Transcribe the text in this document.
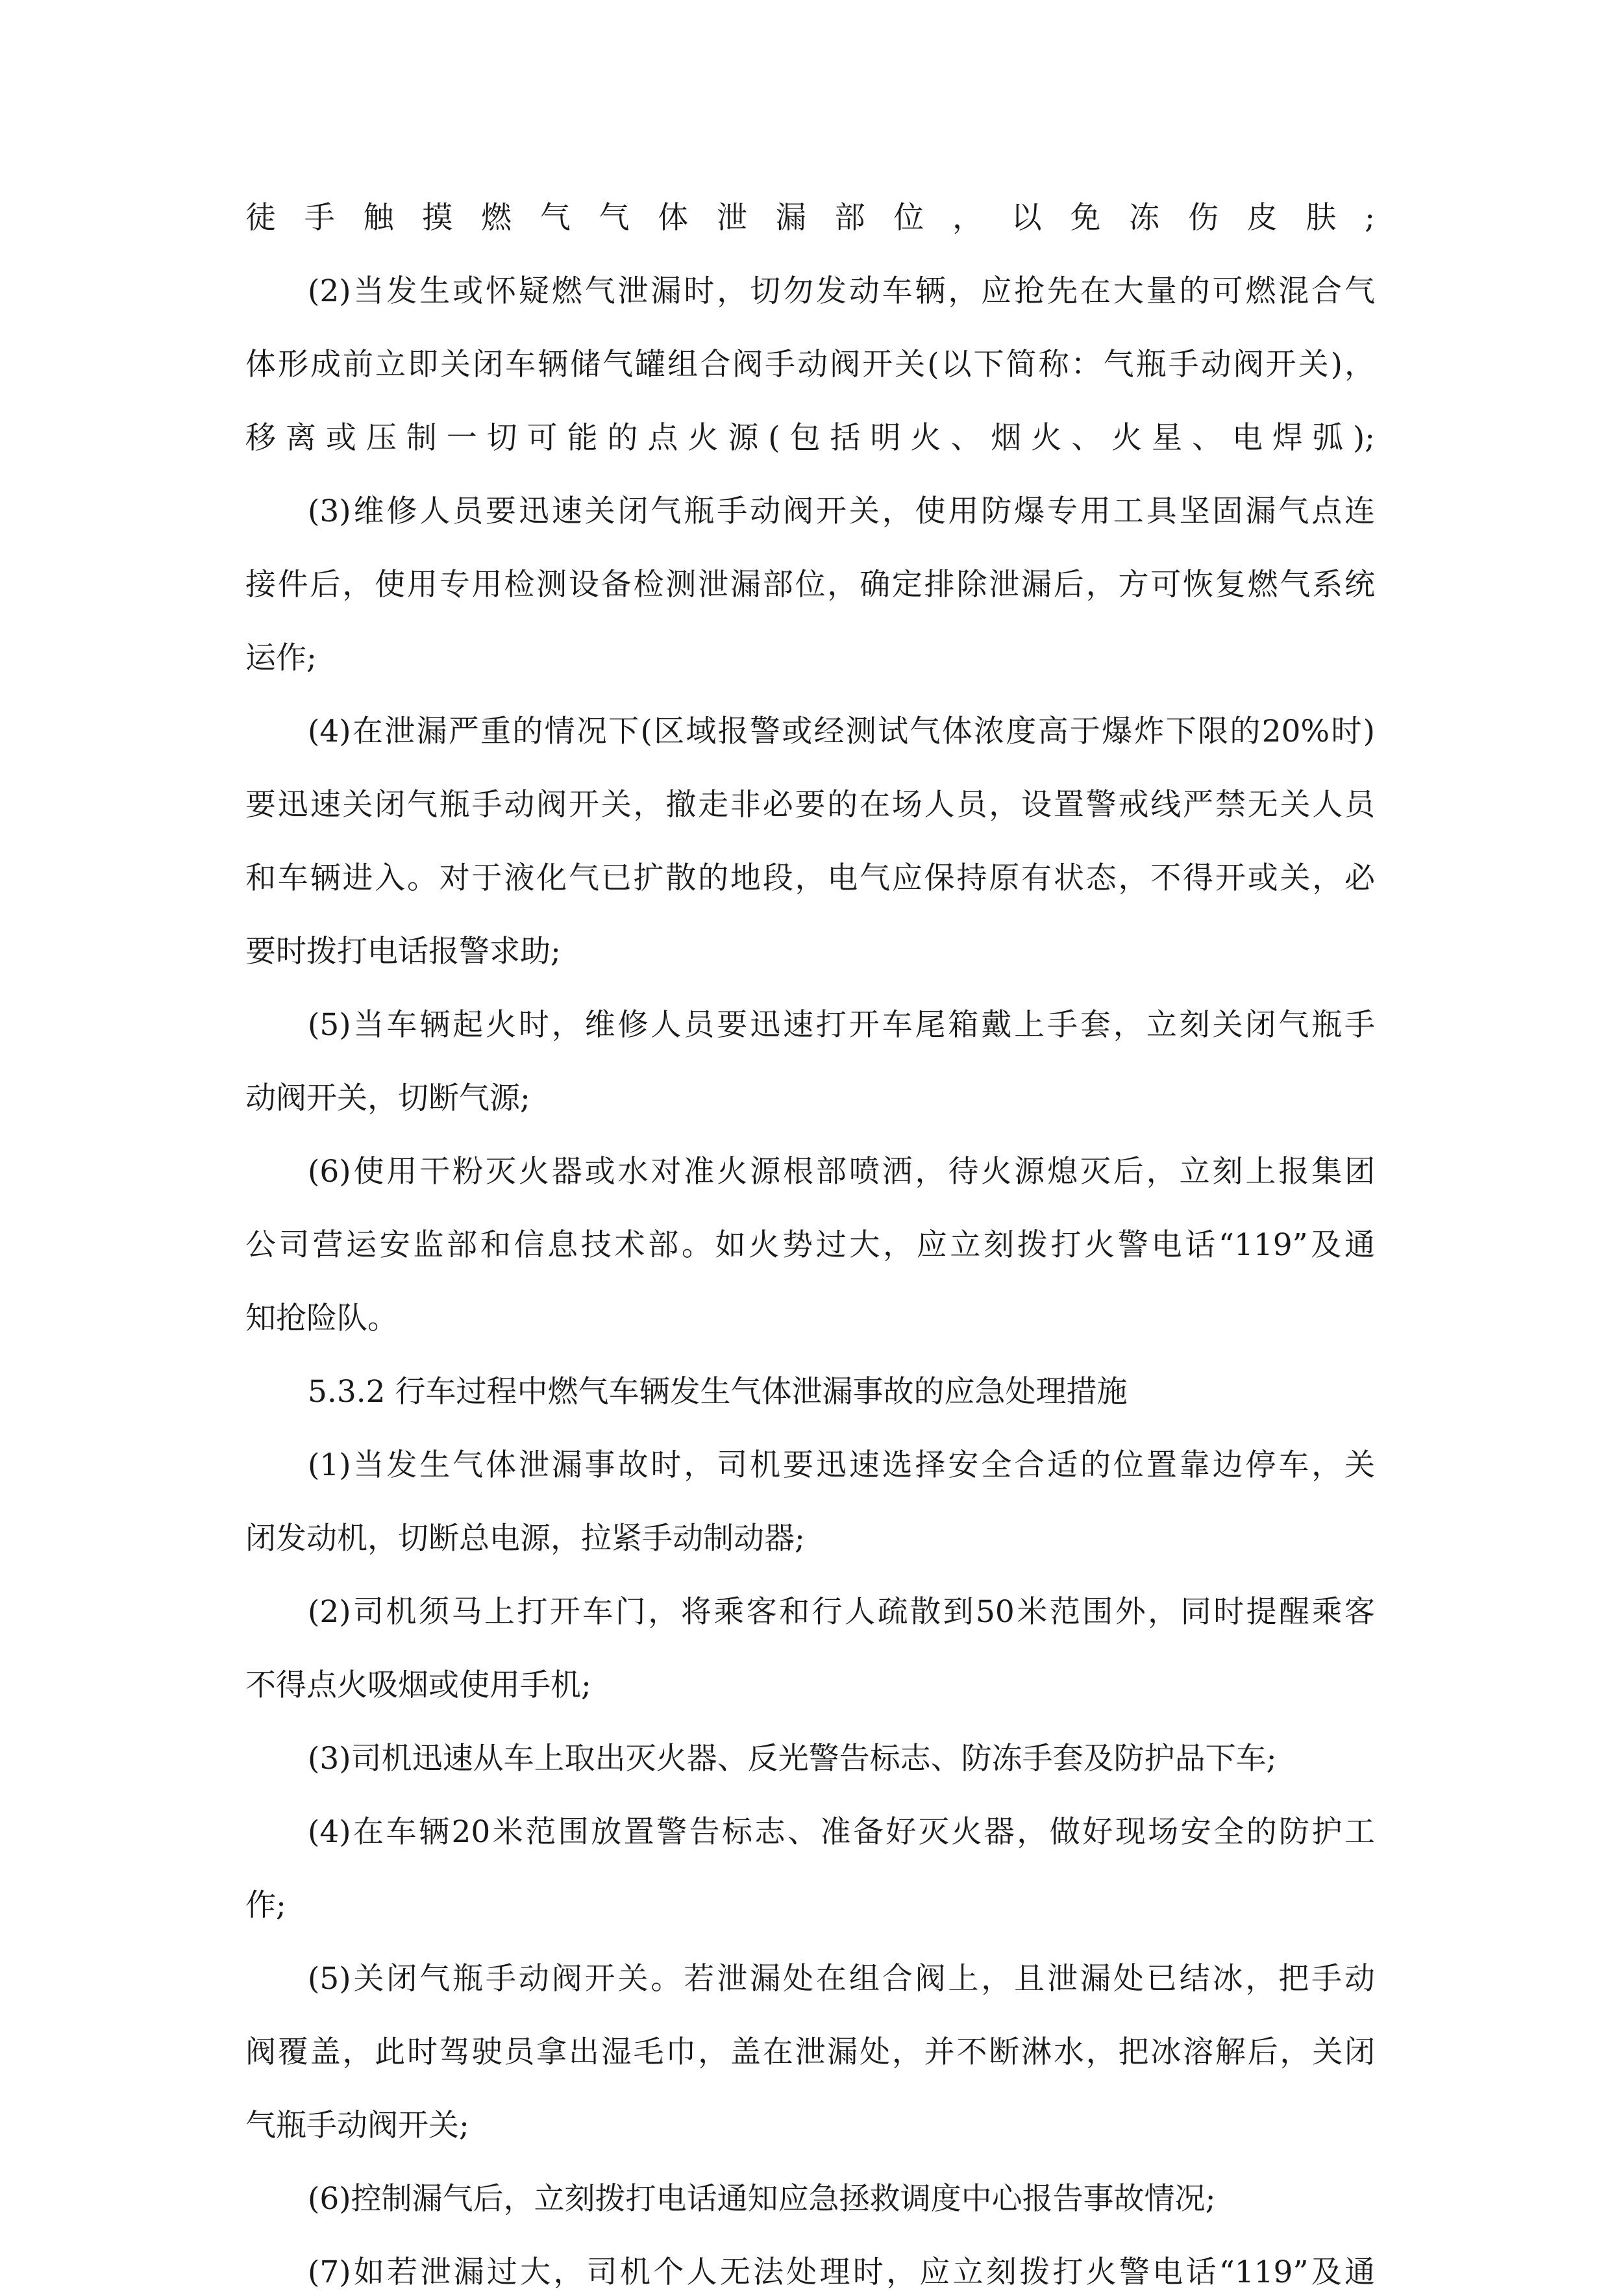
徒手触摸燃气气体泄漏部位，以免冻伤皮肤;
(2)当发生或怀疑燃气泄漏时，切勿发动车辆，应抢先在大量的可燃混合气
体形成前立即关闭车辆储气罐组合阀手动阀开关(以下简称：气瓶手动阀开关)，
移离或压制一切可能的点火源(包括明火、烟火、火星、电焊弧);
(3)维修人员要迅速关闭气瓶手动阀开关，使用防爆专用工具坚固漏气点连
接件后，使用专用检测设备检测泄漏部位，确定排除泄漏后，方可恢复燃气系统
运作;
(4)在泄漏严重的情况下(区域报警或经测试气体浓度高于爆炸下限的20%时)
要迅速关闭气瓶手动阀开关，撤走非必要的在场人员，设置警戒线严禁无关人员
和车辆进入。对于液化气已扩散的地段，电气应保持原有状态，不得开或关，必
要时拨打电话报警求助;
(5)当车辆起火时，维修人员要迅速打开车尾箱戴上手套，立刻关闭气瓶手
动阀开关，切断气源;
(6)使用干粉灭火器或水对准火源根部喷洒，待火源熄灭后，立刻上报集团
公司营运安监部和信息技术部。如火势过大，应立刻拨打火警电话“119”及通
知抢险队。
5.3.2 行车过程中燃气车辆发生气体泄漏事故的应急处理措施
(1)当发生气体泄漏事故时，司机要迅速选择安全合适的位置靠边停车，关
闭发动机，切断总电源，拉紧手动制动器;
(2)司机须马上打开车门，将乘客和行人疏散到50米范围外，同时提醒乘客
不得点火吸烟或使用手机;
(3)司机迅速从车上取出灭火器、反光警告标志、防冻手套及防护品下车;
(4)在车辆20米范围放置警告标志、准备好灭火器，做好现场安全的防护工
作;
(5)关闭气瓶手动阀开关。若泄漏处在组合阀上，且泄漏处已结冰，把手动
阀覆盖，此时驾驶员拿出湿毛巾，盖在泄漏处，并不断淋水，把冰溶解后，关闭
气瓶手动阀开关;
(6)控制漏气后，立刻拨打电话通知应急拯救调度中心报告事故情况;
(7)如若泄漏过大，司机个人无法处理时，应立刻拨打火警电话“119”及通
